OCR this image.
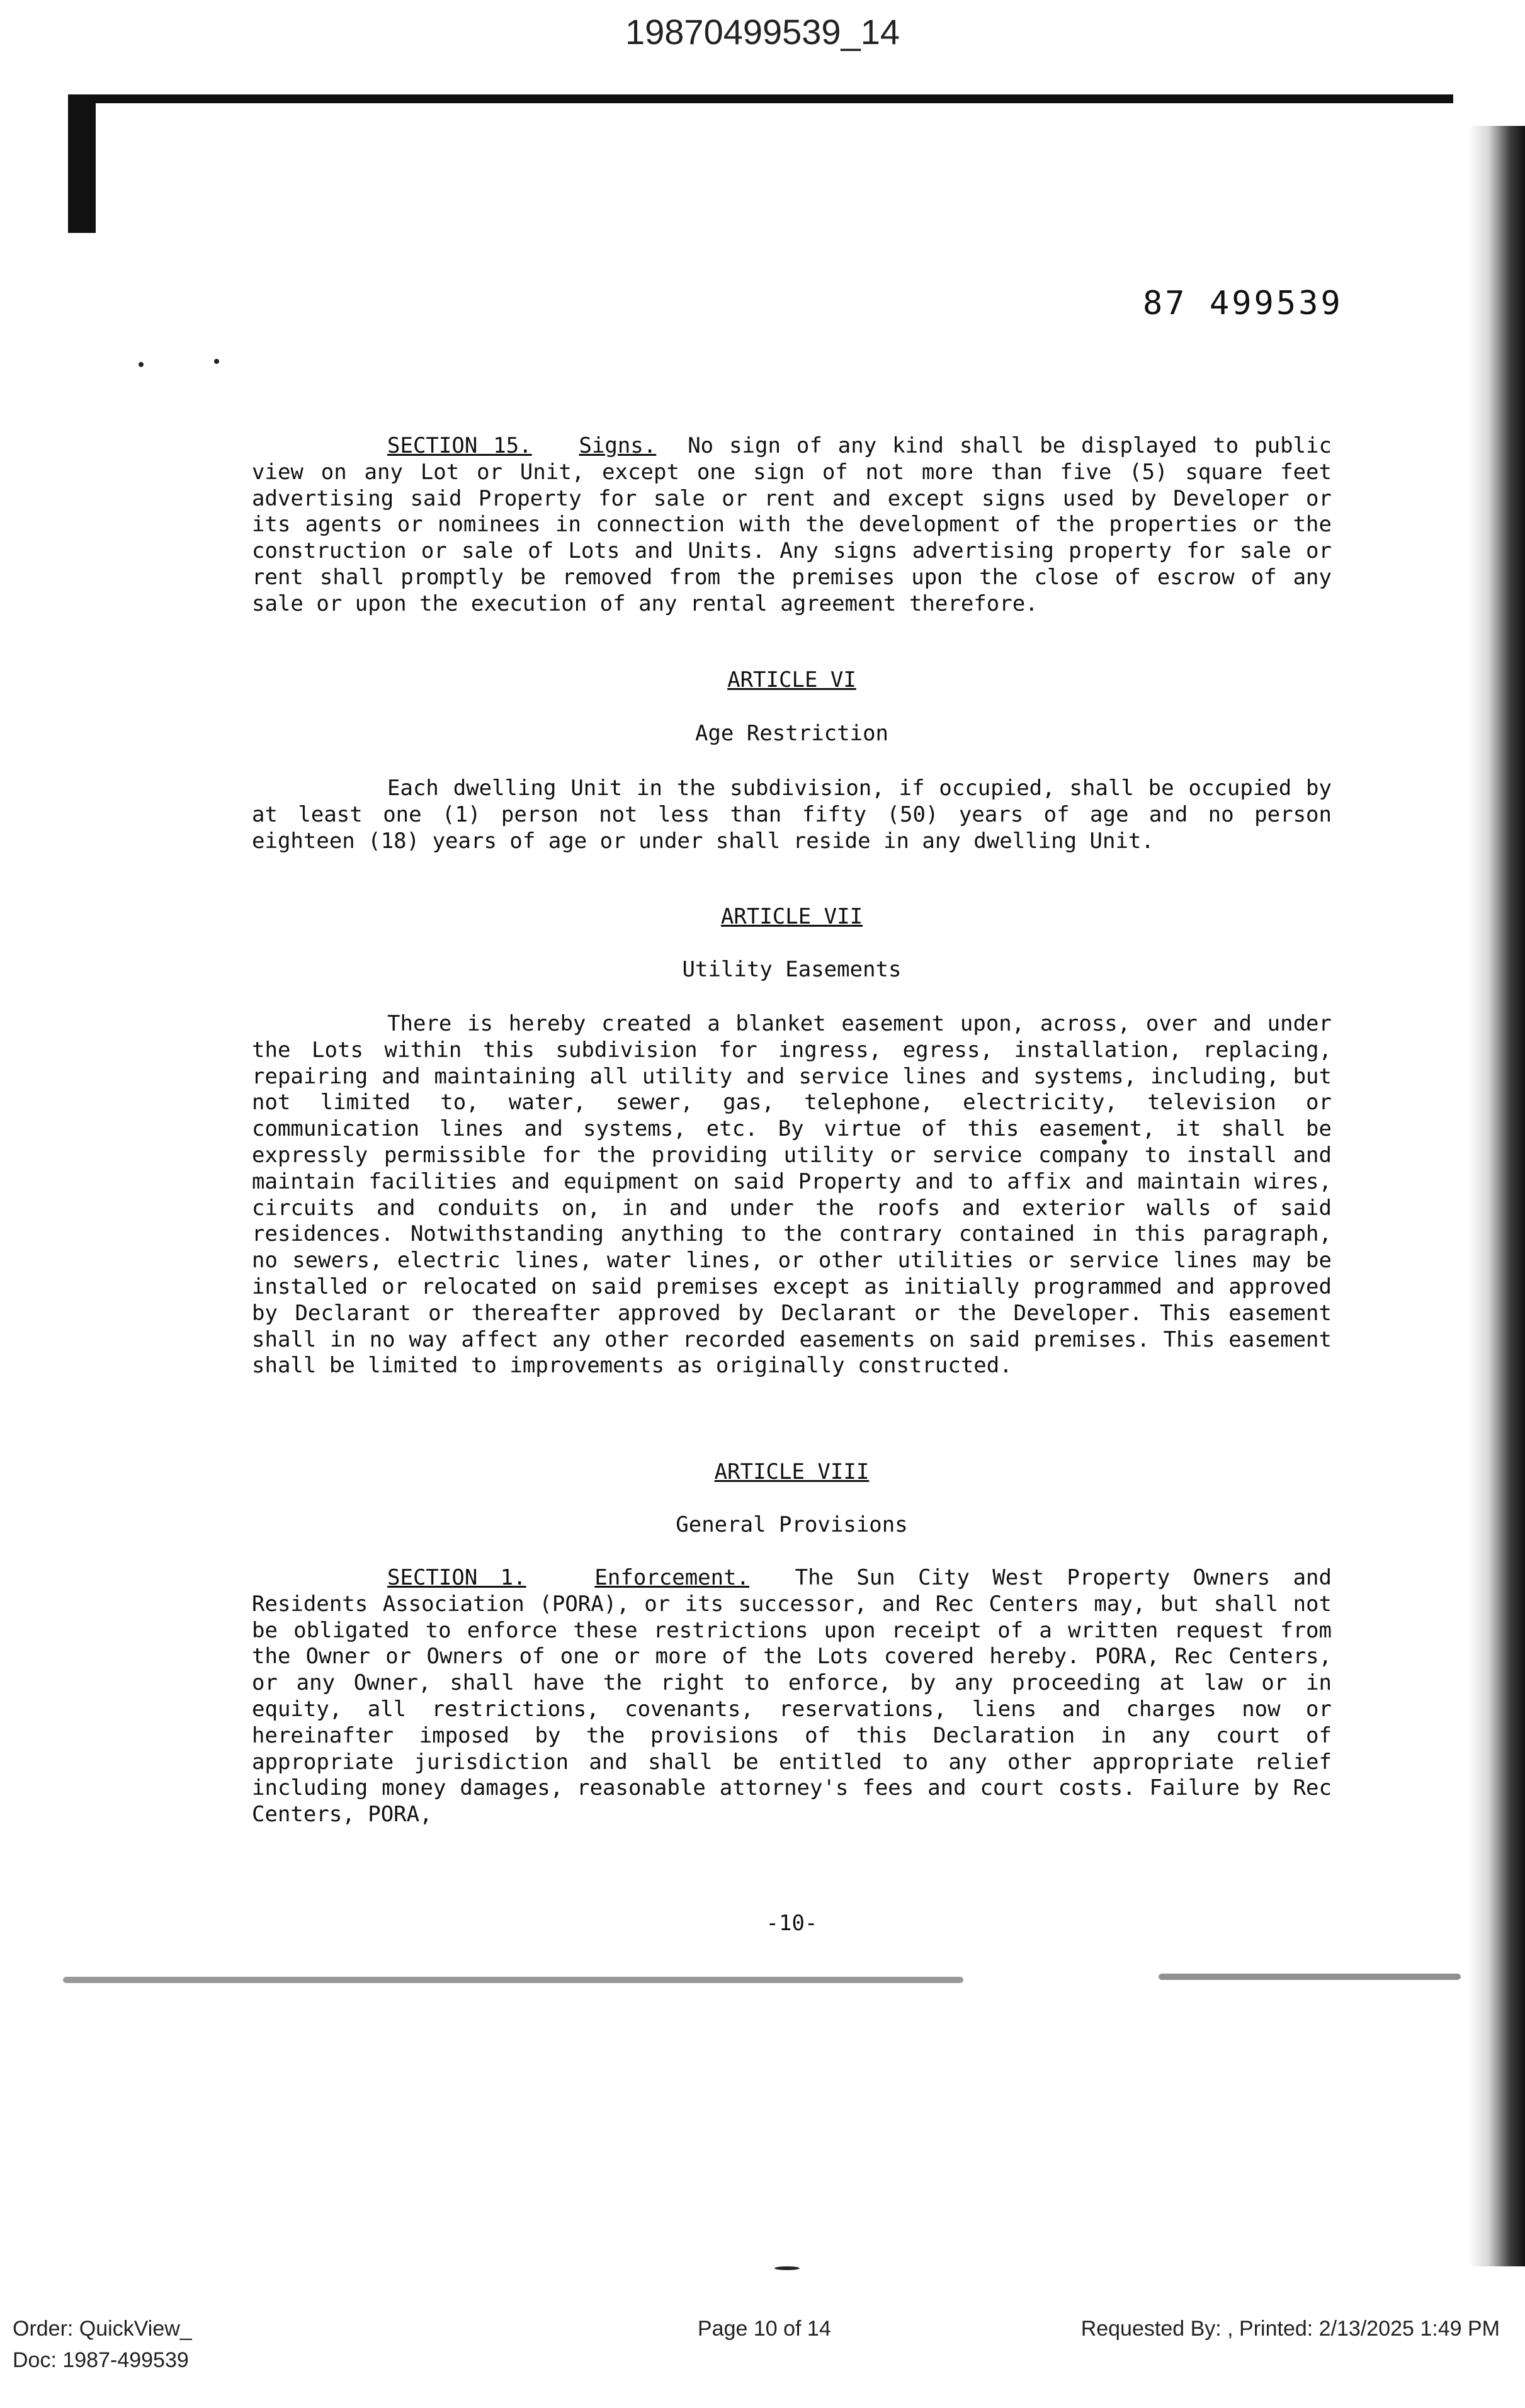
19870499539_14
87 499539
SECTION 15. Signs. No sign of any kind shall be displayed to public view on any Lot or Unit, except one sign of not more than five (5) square feet advertising said Property for sale or rent and except signs used by Developer or its agents or nominees in connection with the development of the properties or the construction or sale of Lots and Units. Any signs advertising property for sale or rent shall promptly be removed from the premises upon the close of escrow of any sale or upon the execution of any rental agreement therefore.
ARTICLE VI
Age Restriction
Each dwelling Unit in the subdivision, if occupied, shall be occupied by at least one (1) person not less than fifty (50) years of age and no person eighteen (18) years of age or under shall reside in any dwelling Unit.
ARTICLE VII
Utility Easements
There is hereby created a blanket easement upon, across, over and under the Lots within this subdivision for ingress, egress, installation, replacing, repairing and maintaining all utility and service lines and systems, including, but not limited to, water, sewer, gas, telephone, electricity, television or communication lines and systems, etc. By virtue of this easement, it shall be expressly permissible for the providing utility or service company to install and maintain facilities and equipment on said Property and to affix and maintain wires, circuits and conduits on, in and under the roofs and exterior walls of said residences. Notwithstanding anything to the contrary contained in this paragraph, no sewers, electric lines, water lines, or other utilities or service lines may be installed or relocated on said premises except as initially programmed and approved by Declarant or thereafter approved by Declarant or the Developer. This easement shall in no way affect any other recorded easements on said premises. This easement shall be limited to improvements as originally constructed.
ARTICLE VIII
General Provisions
SECTION 1.	Enforcement. The Sun City West Property Owners and Residents Association (PORA), or its successor, and Rec Centers may, but shall not be obligated to enforce these restrictions upon receipt of a written request from the Owner or Owners of one or more of the Lots covered hereby. PORA, Rec Centers, or any Owner, shall have the right to enforce, by any proceeding at law or in equity, all restrictions, covenants, reservations, liens and charges now or hereinafter imposed by the provisions of this Declaration in any court of appropriate jurisdiction and shall be entitled to any other appropriate relief including money damages, reasonable attorney's fees and court costs. Failure by Rec Centers, PORA,
-10-
Order: QuickView_	Page 10 of 14	Requested By: , Printed: 2/13/2025 1:49 PM
Doc: 1987-499539
